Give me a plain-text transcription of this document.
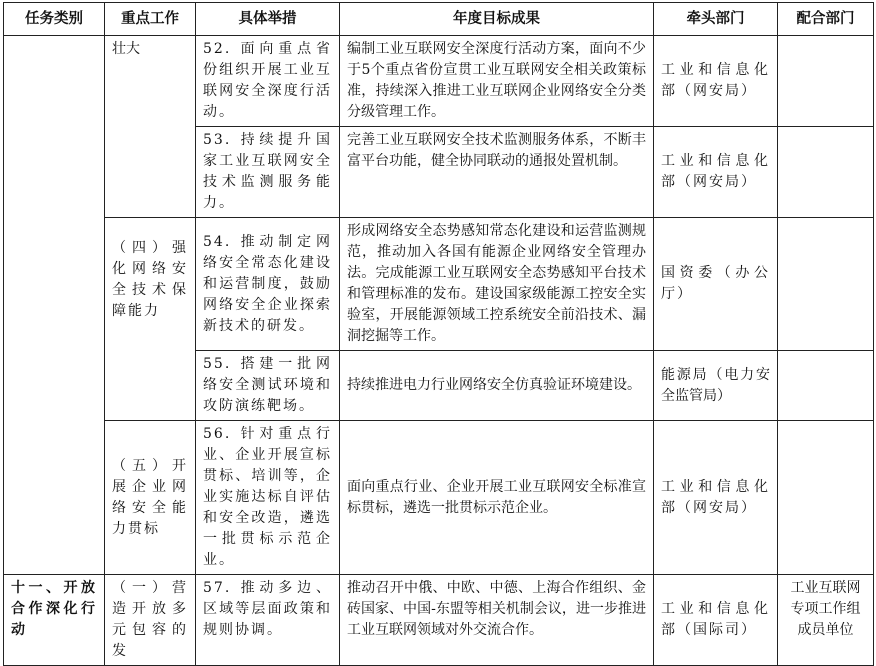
任务类别	重点工作	具体举措	年度目标成果	牵头部门	配合部门
	壮大	52. 面向重点省份组织开展工业互联网安全深度行活动。	编制工业互联网安全深度行活动方案，面向不少于5个重点省份宣贯工业互联网安全相关政策标准，持续深入推进工业互联网企业网络安全分类分级管理工作。	工业和信息化部（网安局）	
		53. 持续提升国家工业互联网安全技术监测服务能力。	完善工业互联网安全技术监测服务体系，不断丰富平台功能，健全协同联动的通报处置机制。	工业和信息化部（网安局）	
	（四）强化网络安全技术保障能力	54. 推动制定网络安全常态化建设和运营制度，鼓励网络安全企业探索新技术的研发。	形成网络安全态势感知常态化建设和运营监测规范，推动加入各国有能源企业网络安全管理办法。完成能源工业互联网安全态势感知平台技术和管理标准的发布。建设国家级能源工控安全实验室，开展能源领域工控系统安全前沿技术、漏洞挖掘等工作。	国资委（办公厅）	
		55. 搭建一批网络安全测试环境和攻防演练靶场。	持续推进电力行业网络安全仿真验证环境建设。	能源局（电力安全监管局）	
	（五）开展企业网络安全能力贯标	56. 针对重点行业、企业开展宣标贯标、培训等，企业实施达标自评估和安全改造，遴选一批贯标示范企业。	面向重点行业、企业开展工业互联网安全标准宣标贯标，遴选一批贯标示范企业。	工业和信息化部（网安局）	
十一、开放合作深化行动	（一）营造开放多元包容的发	57. 推动多边、区域等层面政策和规则协调。	推动召开中俄、中欧、中德、上海合作组织、金砖国家、中国-东盟等相关机制会议，进一步推进工业互联网领域对外交流合作。	工业和信息化部（国际司）	工业互联网专项工作组成员单位
